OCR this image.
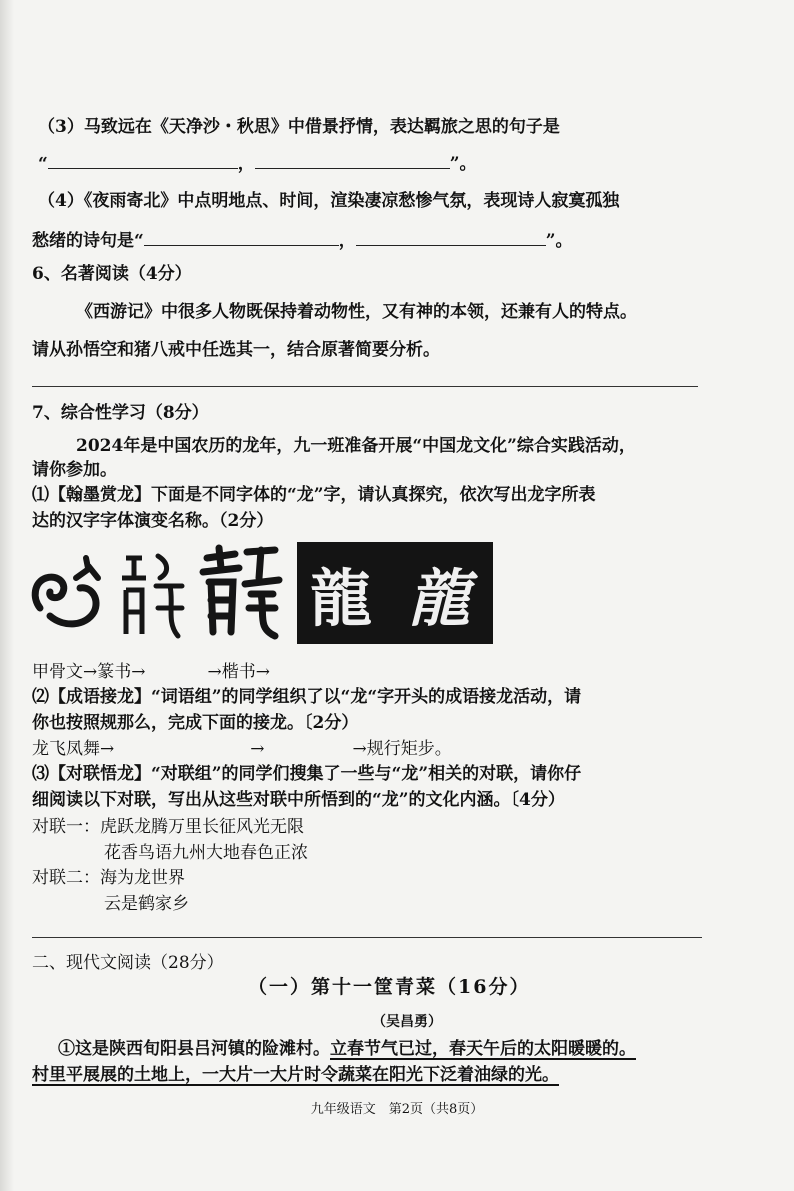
（3）马致远在《天净沙・秋思》中借景抒情，表达羁旅之思的句子是
“	，	”。
（4）《夜雨寄北》中点明地点、时间，渲染凄凉愁惨气氛，表现诗人寂寞孤独
愁绪的诗句是“	，	”。
6、名著阅读（4分）
《西游记》中很多人物既保持着动物性，又有神的本领，还兼有人的特点。
请从孙悟空和猪八戒中任选其一，结合原著简要分析。
7、综合性学习（8分）
2024年是中国农历的龙年，九一班准备开展“中国龙文化”综合实践活动，
请你参加。
⑴【翰墨赏龙】下面是不同字体的“龙”字，请认真探究，依次写出龙字所表
达的汉字字体演变名称。（2分）
龍 龍
甲骨文→篆书→	→楷书→
⑵【成语接龙】“词语组”的同学组织了以“龙“字开头的成语接龙活动，请
你也按照规那么，完成下面的接龙。〔2分）
龙飞凤舞→	→	→规行矩步。
⑶【对联悟龙】“对联组”的同学们搜集了一些与“龙”相关的对联，请你仔
细阅读以下对联，写出从这些对联中所悟到的“龙”的文化内涵。〔4分）
对联一：虎跃龙腾万里长征风光无限
花香鸟语九州大地春色正浓
对联二：海为龙世界
云是鹤家乡
二、现代文阅读（28分）
（一）第十一筐青菜（16分）
（吴昌勇）
①这是陕西旬阳县吕河镇的险滩村。立春节气已过，春天午后的太阳暖暖的。
村里平展展的土地上，一大片一大片时令蔬菜在阳光下泛着油绿的光。
九年级语文　第2页（共8页）
